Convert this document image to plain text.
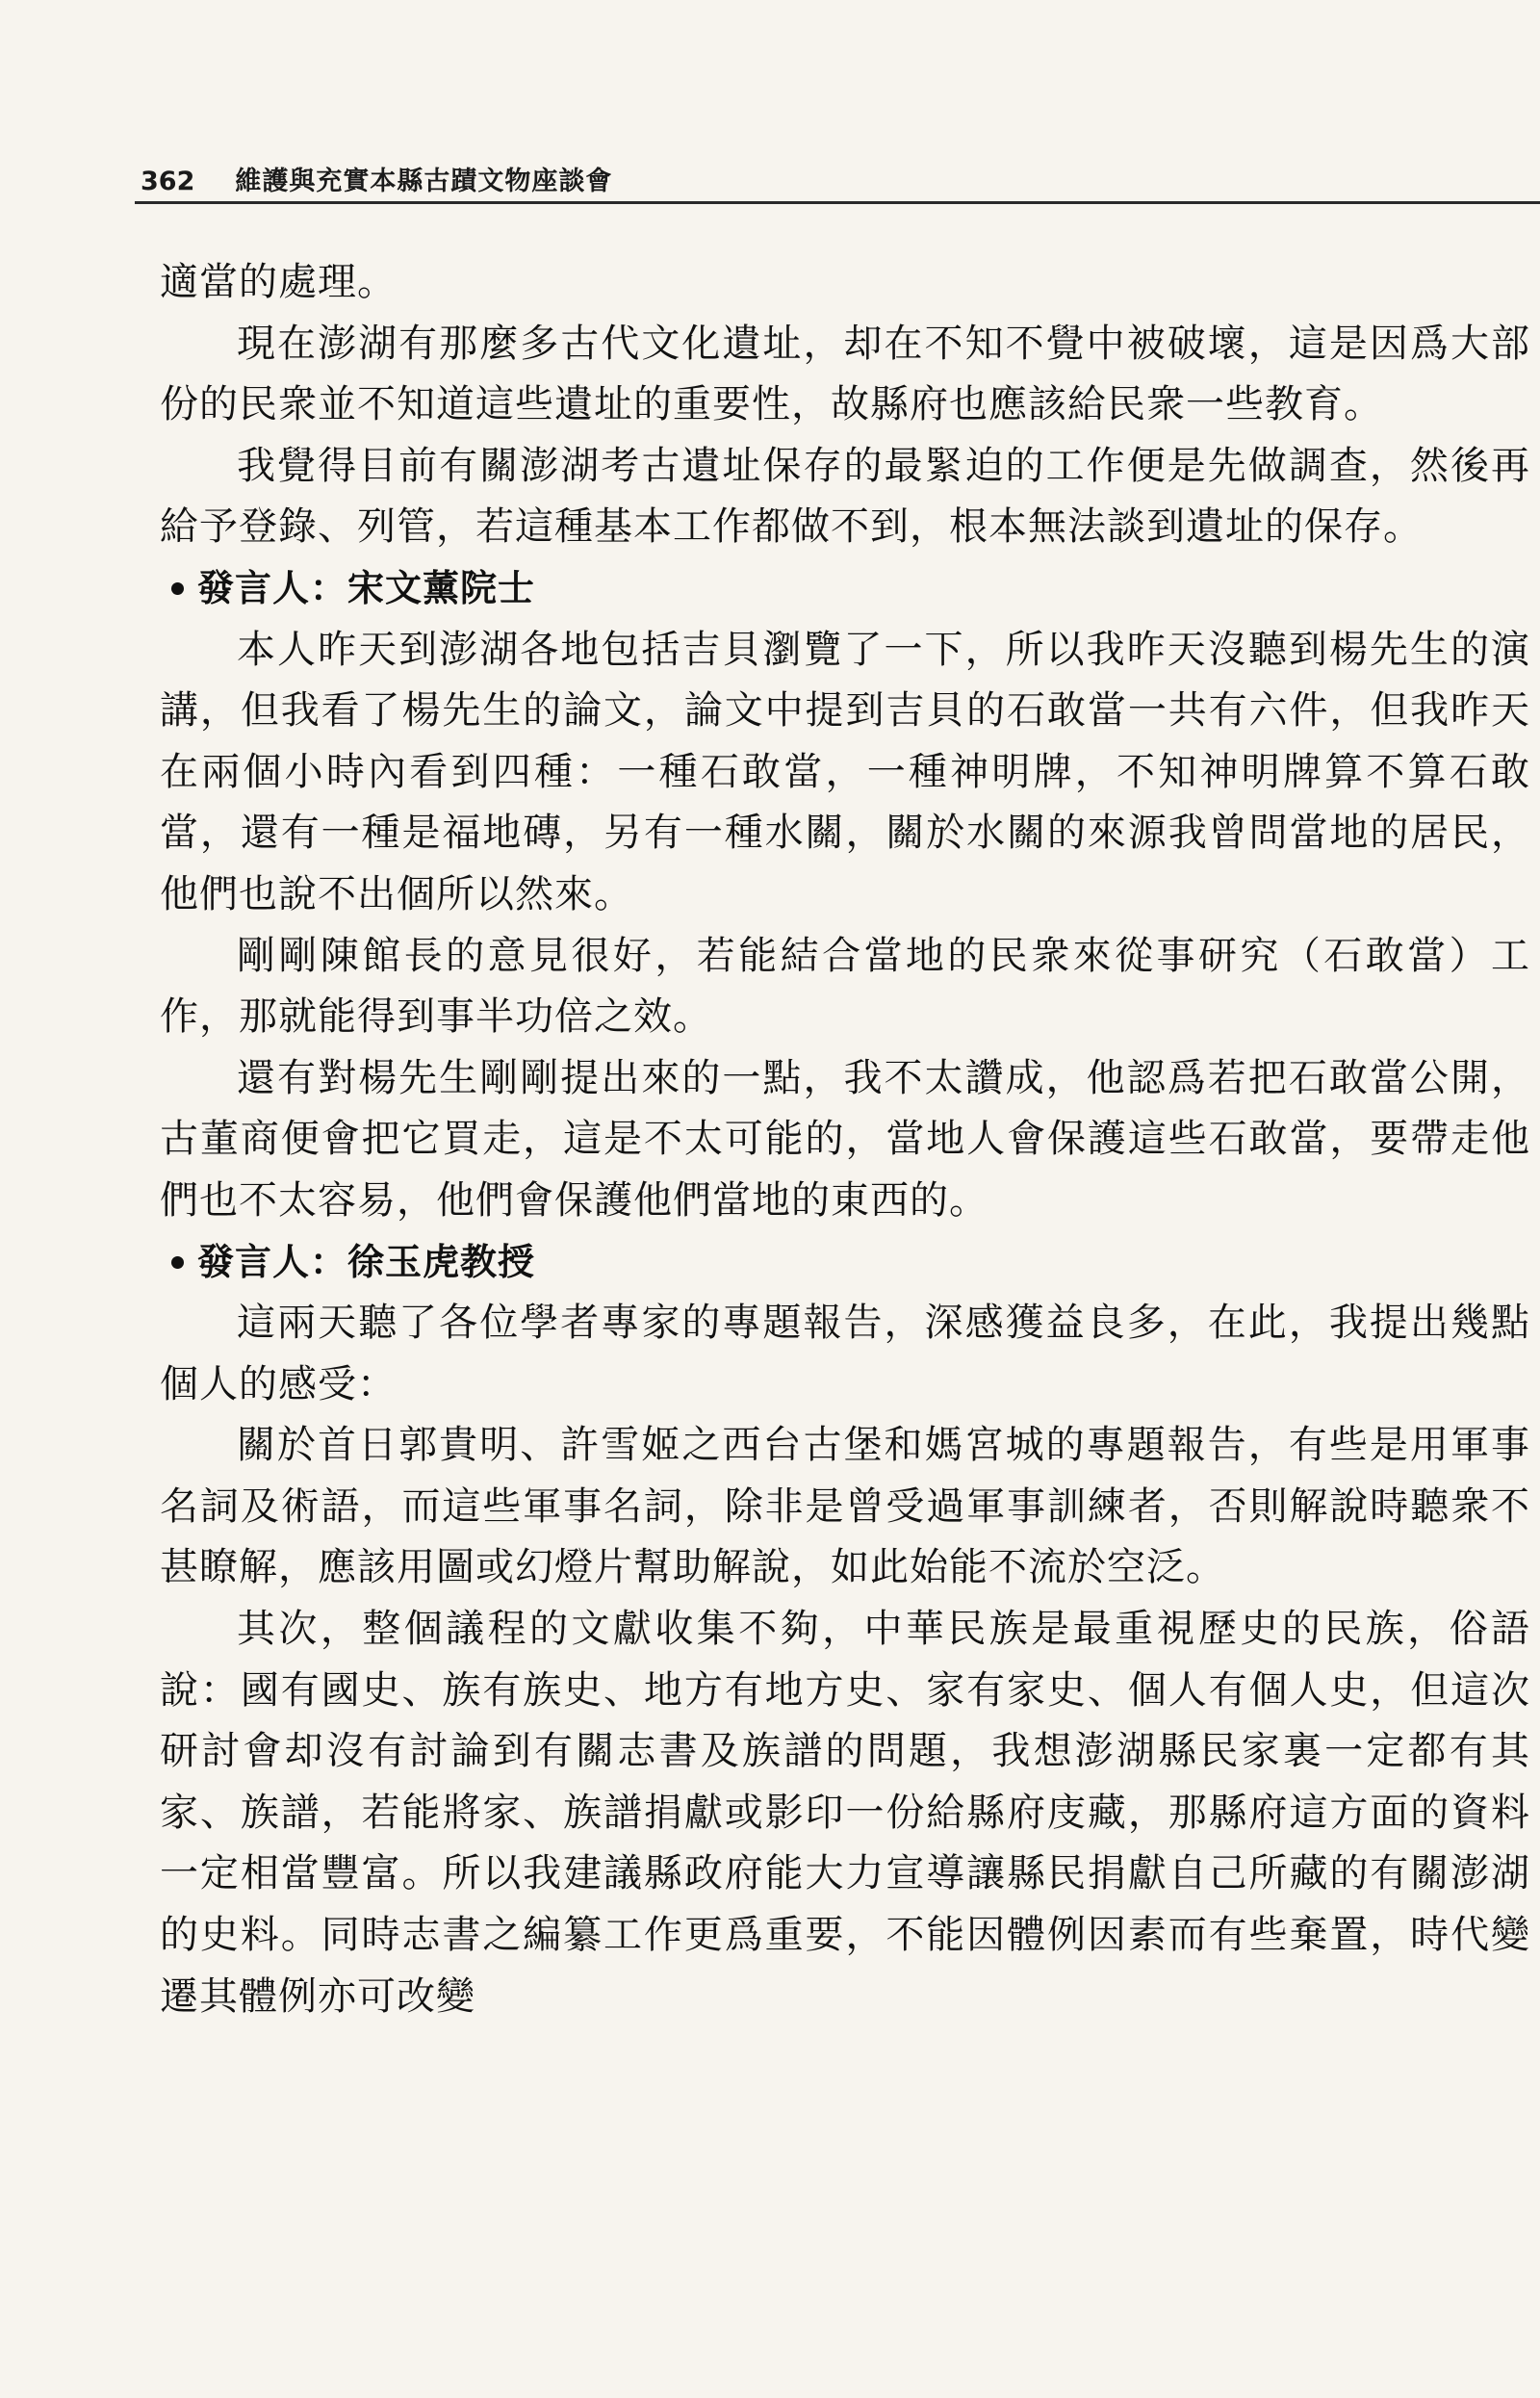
362 維護與充實本縣古蹟文物座談會

適當的處理。

現在澎湖有那麼多古代文化遺址，却在不知不覺中被破壞，這是因爲大部份的民衆並不知道這些遺址的重要性，故縣府也應該給民衆一些教育。

我覺得目前有關澎湖考古遺址保存的最緊迫的工作便是先做調查，然後再給予登錄、列管，若這種基本工作都做不到，根本無法談到遺址的保存。

發言人：宋文薰院士

本人昨天到澎湖各地包括吉貝瀏覽了一下，所以我昨天沒聽到楊先生的演講，但我看了楊先生的論文，論文中提到吉貝的石敢當一共有六件，但我昨天在兩個小時內看到四種：一種石敢當，一種神明牌，不知神明牌算不算石敢當，還有一種是福地磚，另有一種水關，關於水關的來源我曾問當地的居民，他們也說不出個所以然來。

剛剛陳館長的意見很好，若能結合當地的民衆來從事研究（石敢當）工作，那就能得到事半功倍之效。

還有對楊先生剛剛提出來的一點，我不太讚成，他認爲若把石敢當公開，古董商便會把它買走，這是不太可能的，當地人會保護這些石敢當，要帶走他們也不太容易，他們會保護他們當地的東西的。

發言人：徐玉虎教授

這兩天聽了各位學者專家的專題報告，深感獲益良多，在此，我提出幾點個人的感受：

關於首日郭貴明、許雪姬之西台古堡和媽宮城的專題報告，有些是用軍事名詞及術語，而這些軍事名詞，除非是曾受過軍事訓練者，否則解說時聽衆不甚瞭解，應該用圖或幻燈片幫助解說，如此始能不流於空泛。

其次，整個議程的文獻收集不夠，中華民族是最重視歷史的民族，俗語說：國有國史、族有族史、地方有地方史、家有家史、個人有個人史，但這次研討會却沒有討論到有關志書及族譜的問題，我想澎湖縣民家裏一定都有其家、族譜，若能將家、族譜捐獻或影印一份給縣府庋藏，那縣府這方面的資料一定相當豐富。所以我建議縣政府能大力宣導讓縣民捐獻自己所藏的有關澎湖的史料。同時志書之編纂工作更爲重要，不能因體例因素而有些棄置，時代變遷其體例亦可改變
